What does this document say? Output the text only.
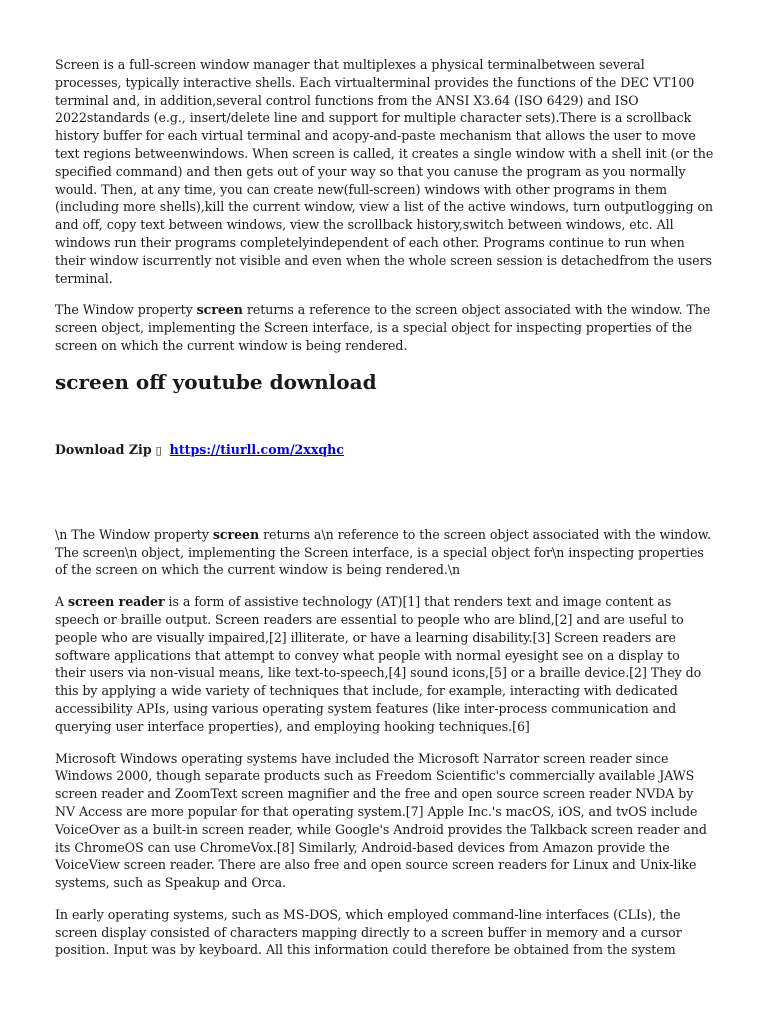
Screen is a full-screen window manager that multiplexes a physical terminalbetween several processes, typically interactive shells. Each virtualterminal provides the functions of the DEC VT100 terminal and, in addition,several control functions from the ANSI X3.64 (ISO 6429) and ISO 2022standards (e.g., insert/delete line and support for multiple character sets).There is a scrollback history buffer for each virtual terminal and acopy-and-paste mechanism that allows the user to move text regions betweenwindows. When screen is called, it creates a single window with a shell init (or the specified command) and then gets out of your way so that you canuse the program as you normally would. Then, at any time, you can create new(full-screen) windows with other programs in them (including more shells),kill the current window, view a list of the active windows, turn outputlogging on and off, copy text between windows, view the scrollback history,switch between windows, etc. All windows run their programs completelyindependent of each other. Programs continue to run when their window iscurrently not visible and even when the whole screen session is detachedfrom the users terminal.

The Window property screen returns a reference to the screen object associated with the window. The screen object, implementing the Screen interface, is a special object for inspecting properties of the screen on which the current window is being rendered.

screen off youtube download
Download Zip ▯ https://tiurll.com/2xxqhc

\n The Window property screen returns a\n reference to the screen object associated with the window. The screen\n object, implementing the Screen interface, is a special object for\n inspecting properties of the screen on which the current window is being rendered.\n

A screen reader is a form of assistive technology (AT)[1] that renders text and image content as speech or braille output. Screen readers are essential to people who are blind,[2] and are useful to people who are visually impaired,[2] illiterate, or have a learning disability.[3] Screen readers are software applications that attempt to convey what people with normal eyesight see on a display to their users via non-visual means, like text-to-speech,[4] sound icons,[5] or a braille device.[2] They do this by applying a wide variety of techniques that include, for example, interacting with dedicated accessibility APIs, using various operating system features (like inter-process communication and querying user interface properties), and employing hooking techniques.[6]

Microsoft Windows operating systems have included the Microsoft Narrator screen reader since Windows 2000, though separate products such as Freedom Scientific's commercially available JAWS screen reader and ZoomText screen magnifier and the free and open source screen reader NVDA by NV Access are more popular for that operating system.[7] Apple Inc.'s macOS, iOS, and tvOS include VoiceOver as a built-in screen reader, while Google's Android provides the Talkback screen reader and its ChromeOS can use ChromeVox.[8] Similarly, Android-based devices from Amazon provide the VoiceView screen reader. There are also free and open source screen readers for Linux and Unix-like systems, such as Speakup and Orca.

In early operating systems, such as MS-DOS, which employed command-line interfaces (CLIs), the screen display consisted of characters mapping directly to a screen buffer in memory and a cursor position. Input was by keyboard. All this information could therefore be obtained from the system
